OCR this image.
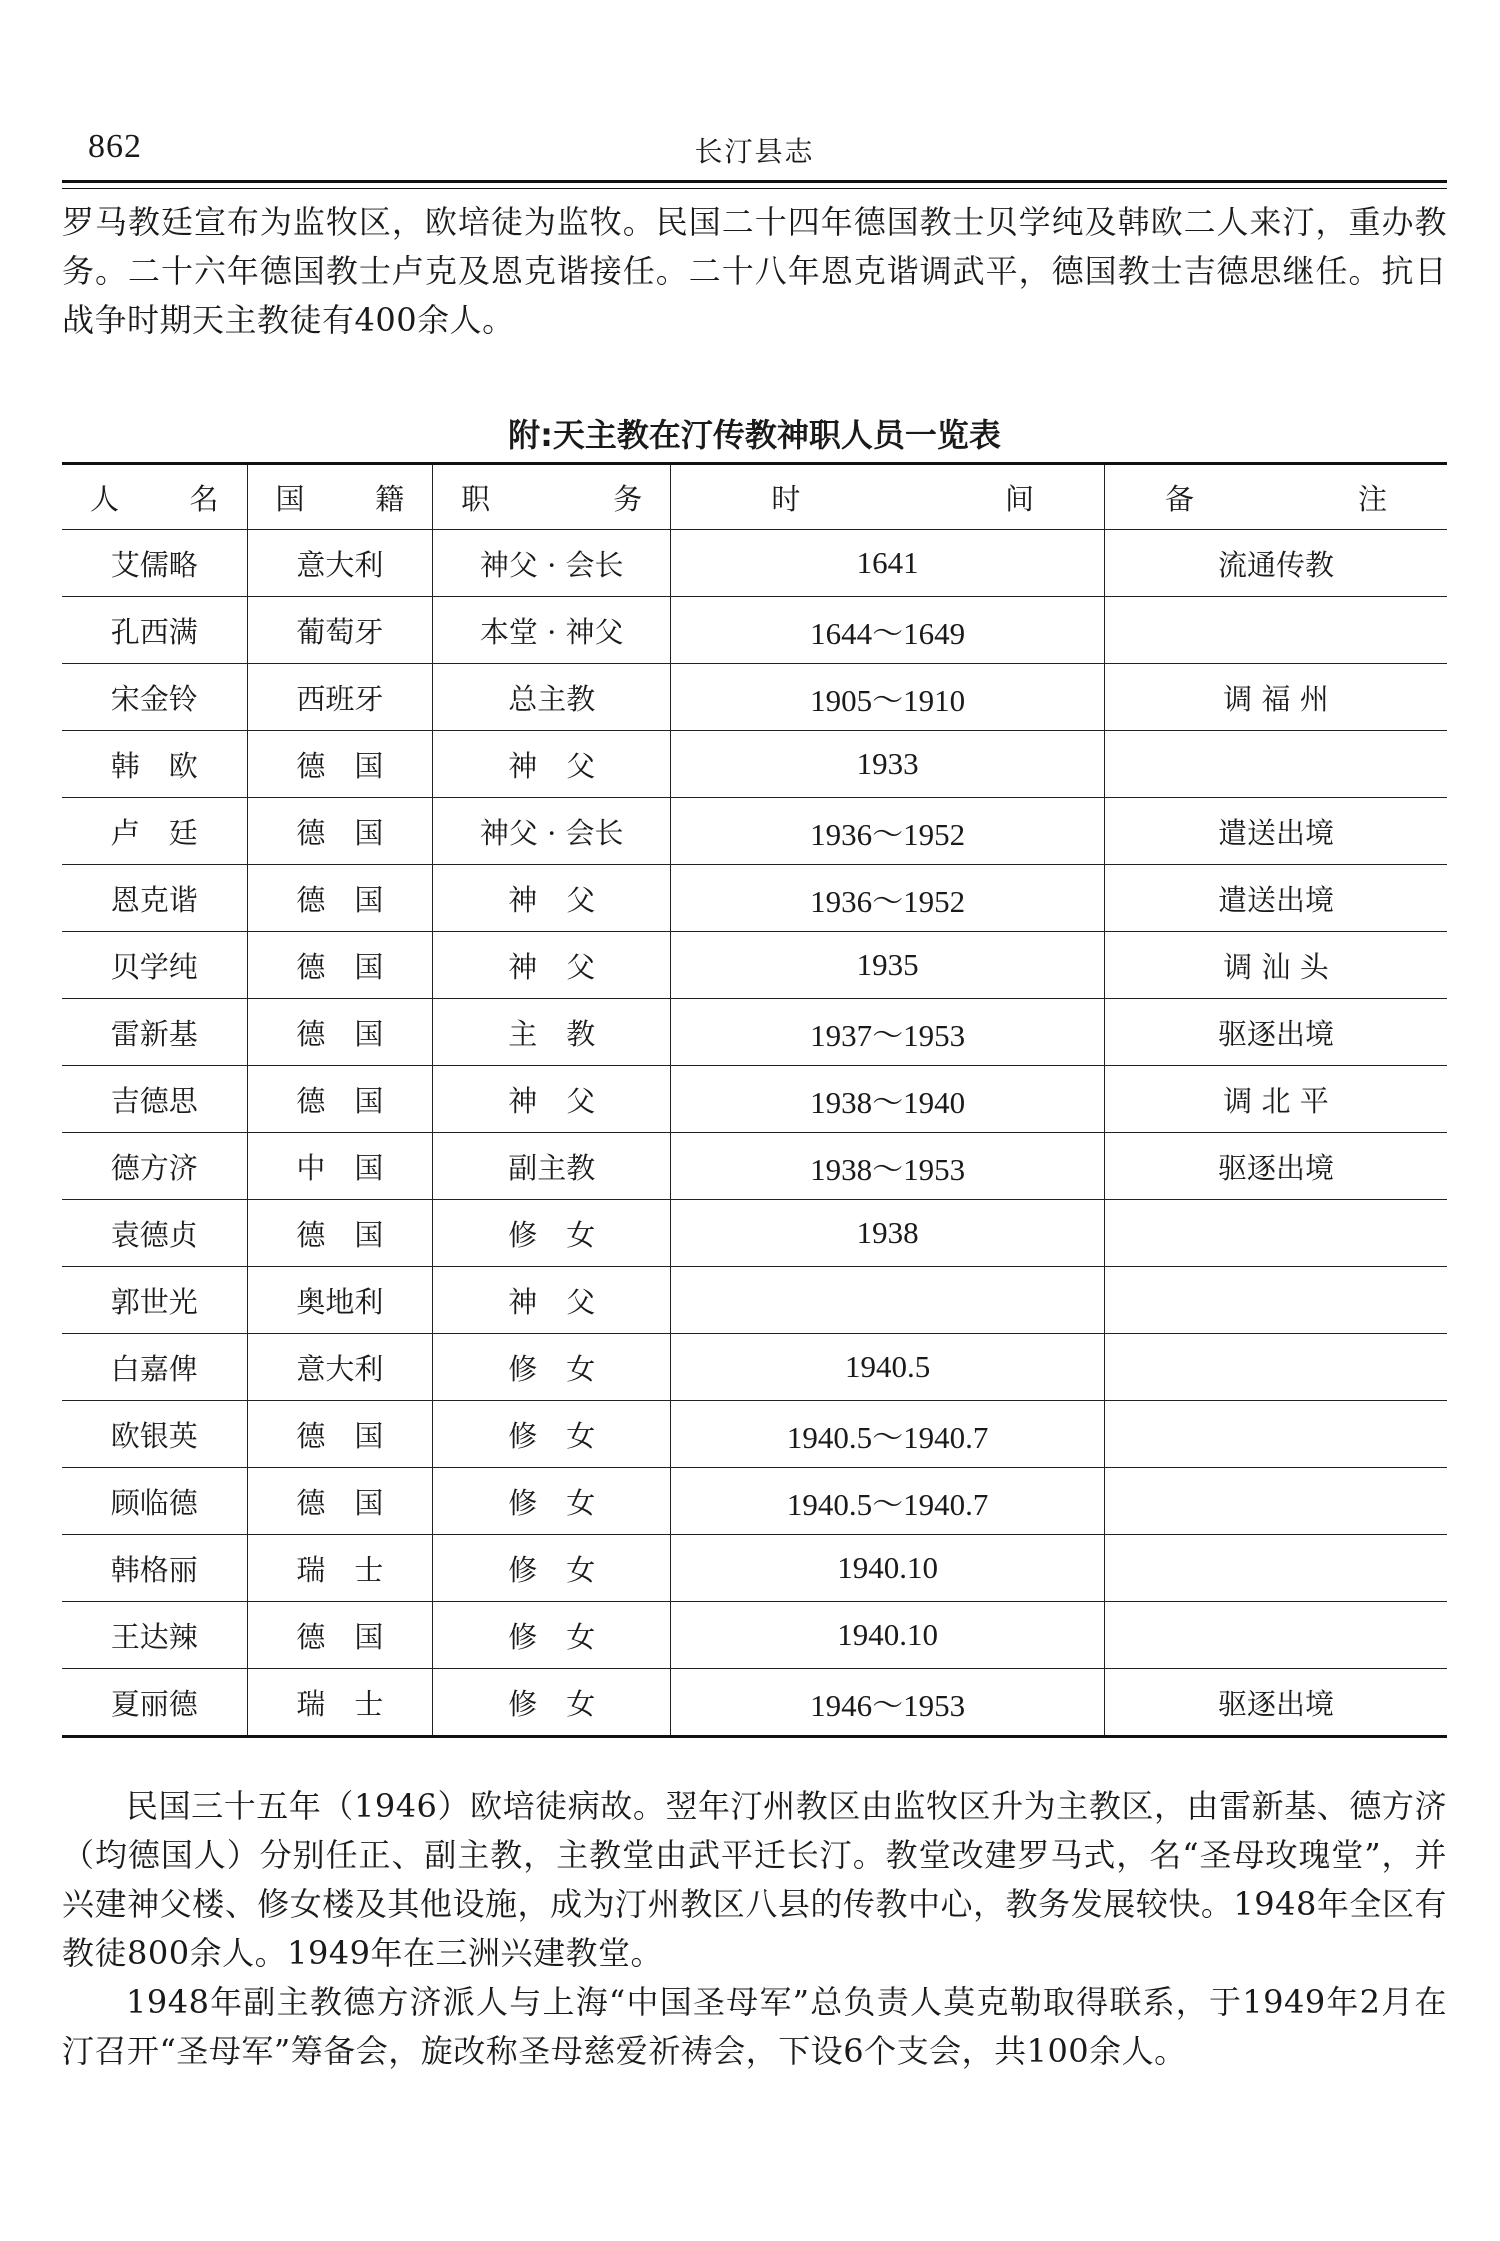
862	长汀县志
罗马教廷宣布为监牧区，欧培徒为监牧。民国二十四年德国教士贝学纯及韩欧二人来汀，重办教务。二十六年德国教士卢克及恩克谐接任。二十八年恩克谐调武平，德国教士吉德思继任。抗日战争时期天主教徒有400余人。
附:天主教在汀传教神职人员一览表
人 名	国 籍	职 务	时 间	备 注

艾儒略	意大利	神父 · 会长	1641	流通传教
孔西满	葡萄牙	本堂 · 神父	1644～1649	
宋金铃	西班牙	总主教	1905～1910	调 福 州
韩　欧	德　国	神　父	1933	
卢　廷	德　国	神父 · 会长	1936～1952	遣送出境
恩克谐	德　国	神　父	1936～1952	遣送出境
贝学纯	德　国	神　父	1935	调 汕 头
雷新基	德　国	主　教	1937～1953	驱逐出境
吉德思	德　国	神　父	1938～1940	调 北 平
德方济	中　国	副主教	1938～1953	驱逐出境
袁德贞	德　国	修　女	1938	
郭世光	奥地利	神　父		
白嘉俾	意大利	修　女	1940.5	
欧银英	德　国	修　女	1940.5～1940.7	
顾临德	德　国	修　女	1940.5～1940.7	
韩格丽	瑞　士	修　女	1940.10	
王达辣	德　国	修　女	1940.10	
夏丽德	瑞　士	修　女	1946～1953	驱逐出境
民国三十五年（1946）欧培徒病故。翌年汀州教区由监牧区升为主教区，由雷新基、德方济（均德国人）分别任正、副主教，主教堂由武平迁长汀。教堂改建罗马式，名“圣母玫瑰堂”，并兴建神父楼、修女楼及其他设施，成为汀州教区八县的传教中心，教务发展较快。1948年全区有教徒800余人。1949年在三洲兴建教堂。
1948年副主教德方济派人与上海“中国圣母军”总负责人莫克勒取得联系，于1949年2月在汀召开“圣母军”筹备会，旋改称圣母慈爱祈祷会，下设6个支会，共100余人。
